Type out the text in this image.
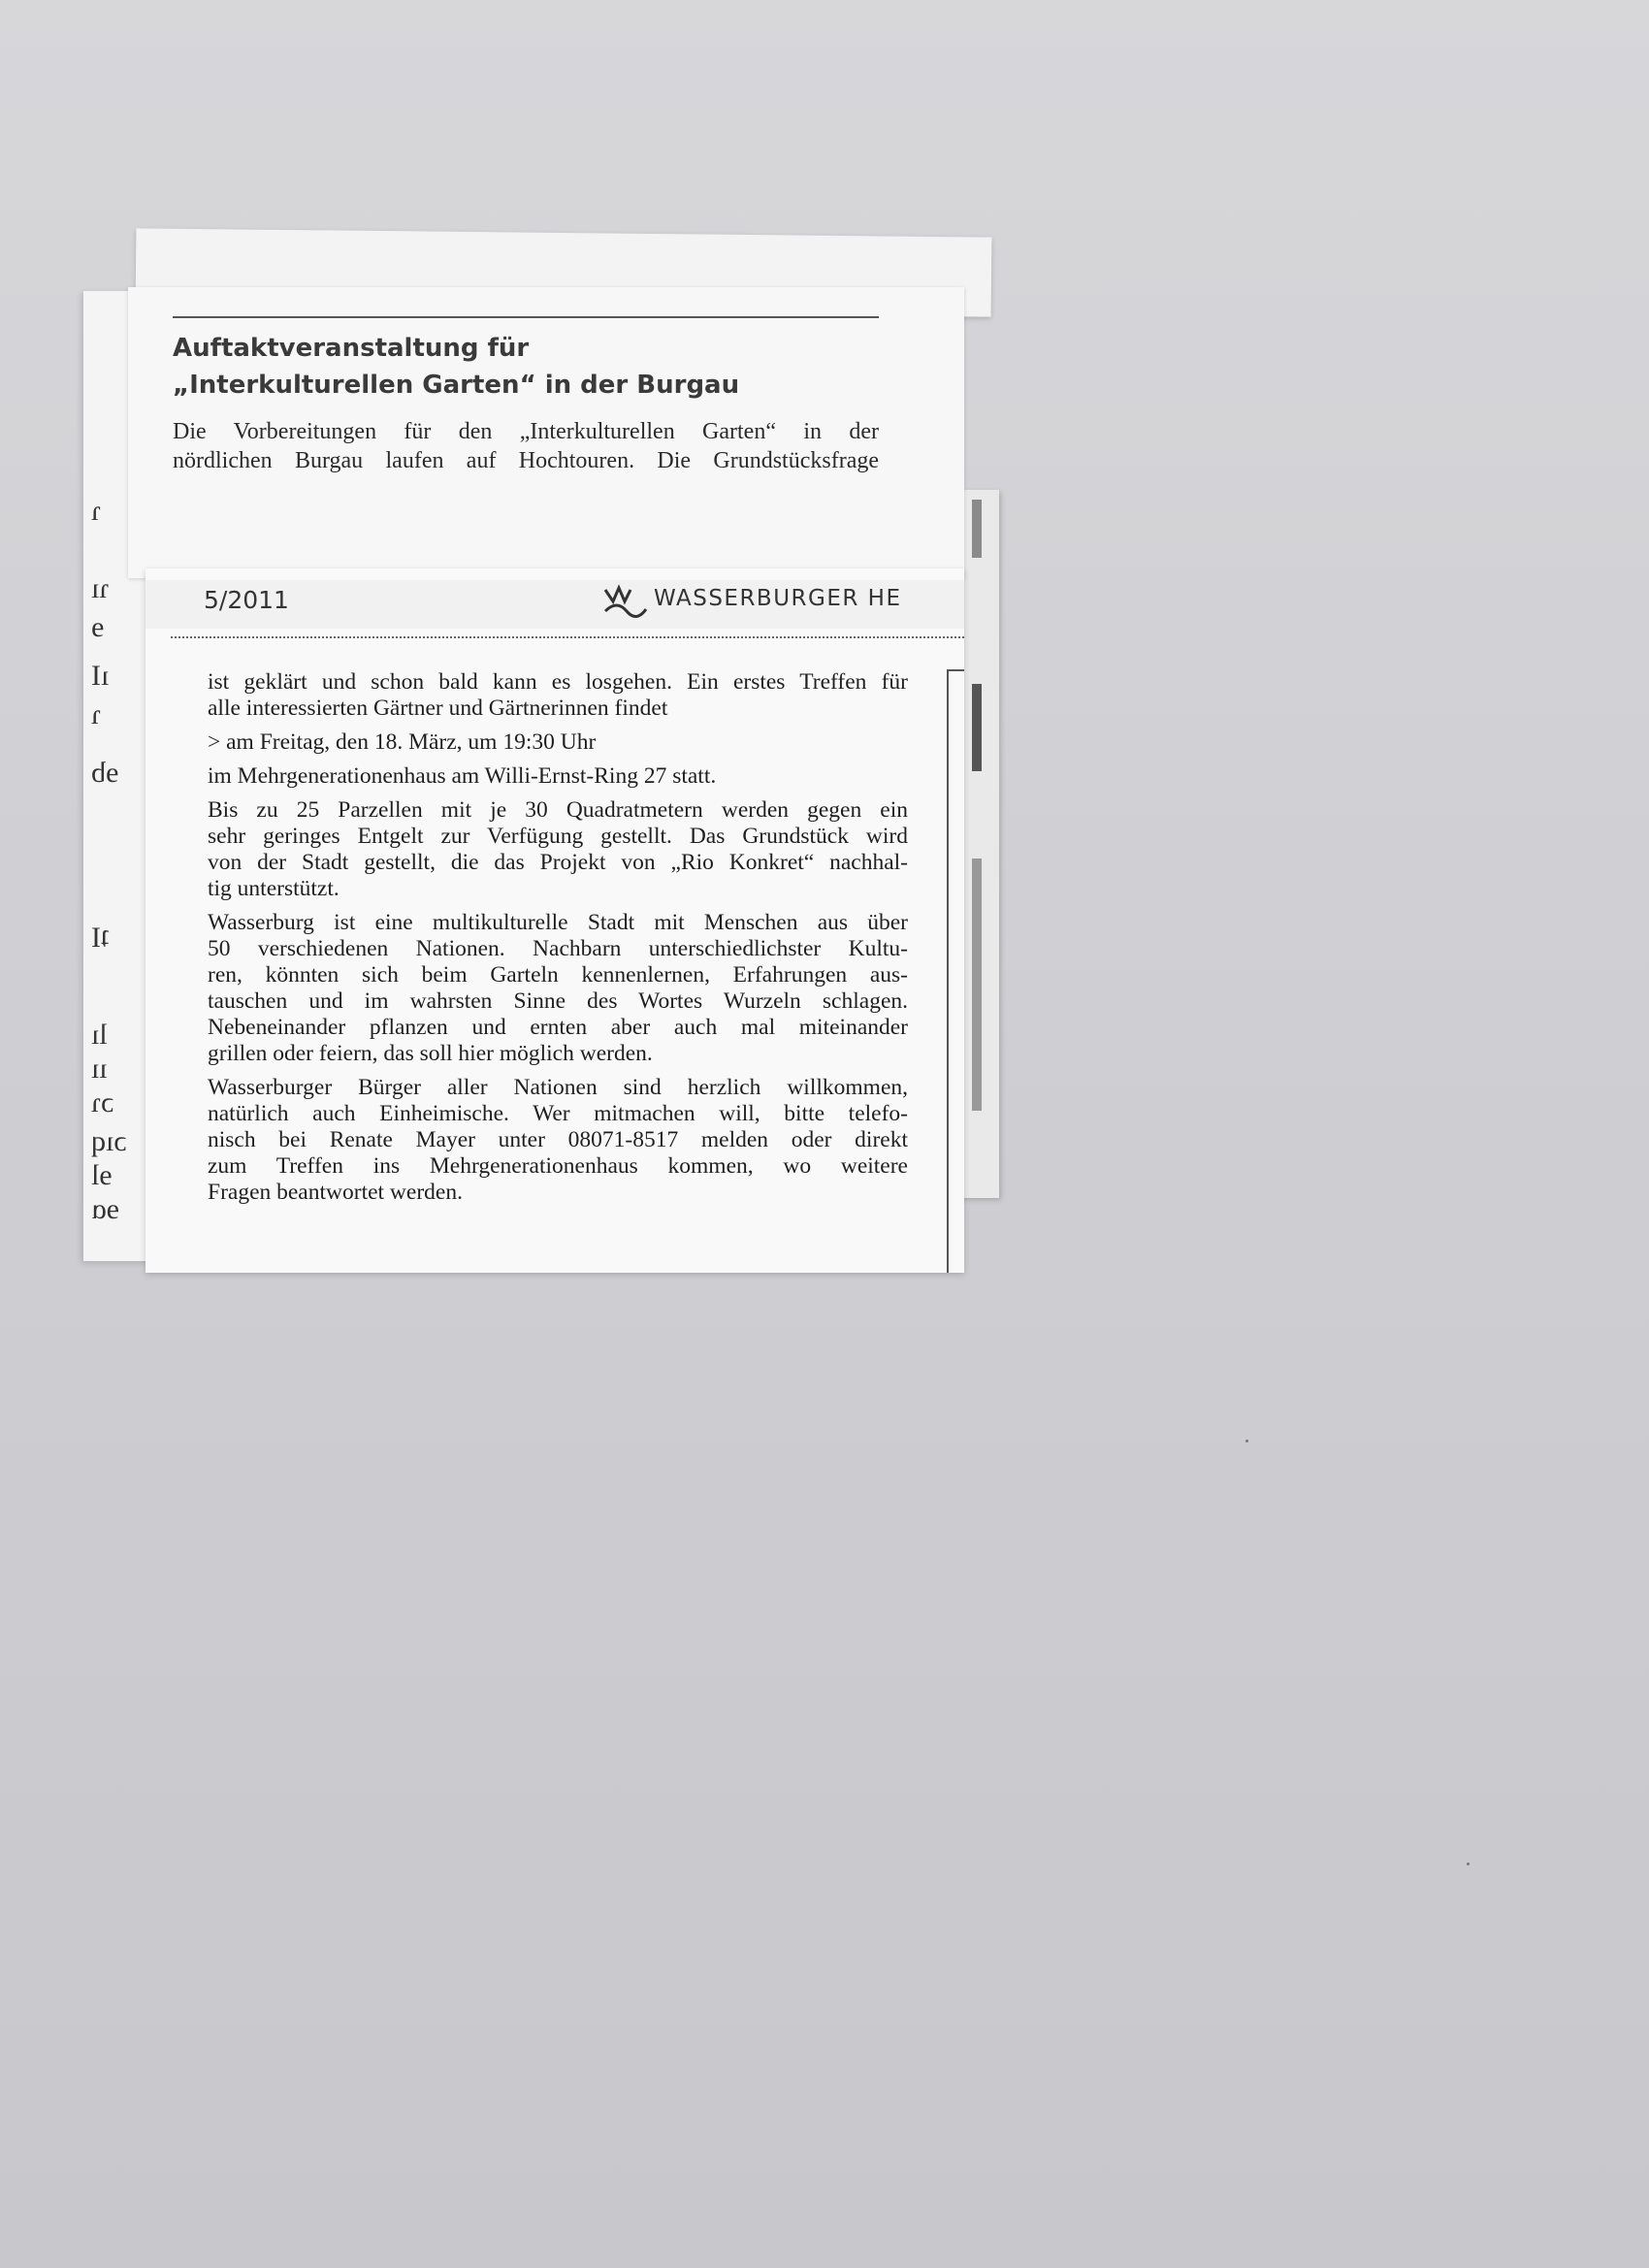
ɿ
ɿı
ɘ
ıI
ɿ
ɘb
ʇI
lı
ıı
ɔɿ
ɔıq
ɘl
ɘɑ
Auftaktveranstaltung für
„Interkulturellen Garten“ in der Burgau
Die Vorbereitungen für den „Interkulturellen Garten“ in der
nördlichen Burgau laufen auf Hochtouren. Die Grundstücksfrage
5/2011	WASSERBURGER HE

ist geklärt und schon bald kann es losgehen. Ein erstes Treffen für
alle interessierten Gärtner und Gärtnerinnen findet

> am Freitag, den 18. März, um 19:30 Uhr

im Mehrgenerationenhaus am Willi-Ernst-Ring 27 statt.

Bis zu 25 Parzellen mit je 30 Quadratmetern werden gegen ein
sehr geringes Entgelt zur Verfügung gestellt. Das Grundstück wird
von der Stadt gestellt, die das Projekt von „Rio Konkret“ nachhal-
tig unterstützt.

Wasserburg ist eine multikulturelle Stadt mit Menschen aus über
50 verschiedenen Nationen. Nachbarn unterschiedlichster Kultu-
ren, könnten sich beim Garteln kennenlernen, Erfahrungen aus-
tauschen und im wahrsten Sinne des Wortes Wurzeln schlagen.
Nebeneinander pflanzen und ernten aber auch mal miteinander
grillen oder feiern, das soll hier möglich werden.

Wasserburger Bürger aller Nationen sind herzlich willkommen,
natürlich auch Einheimische. Wer mitmachen will, bitte telefo-
nisch bei Renate Mayer unter 08071-8517 melden oder direkt
zum Treffen ins Mehrgenerationenhaus kommen, wo weitere
Fragen beantwortet werden.
